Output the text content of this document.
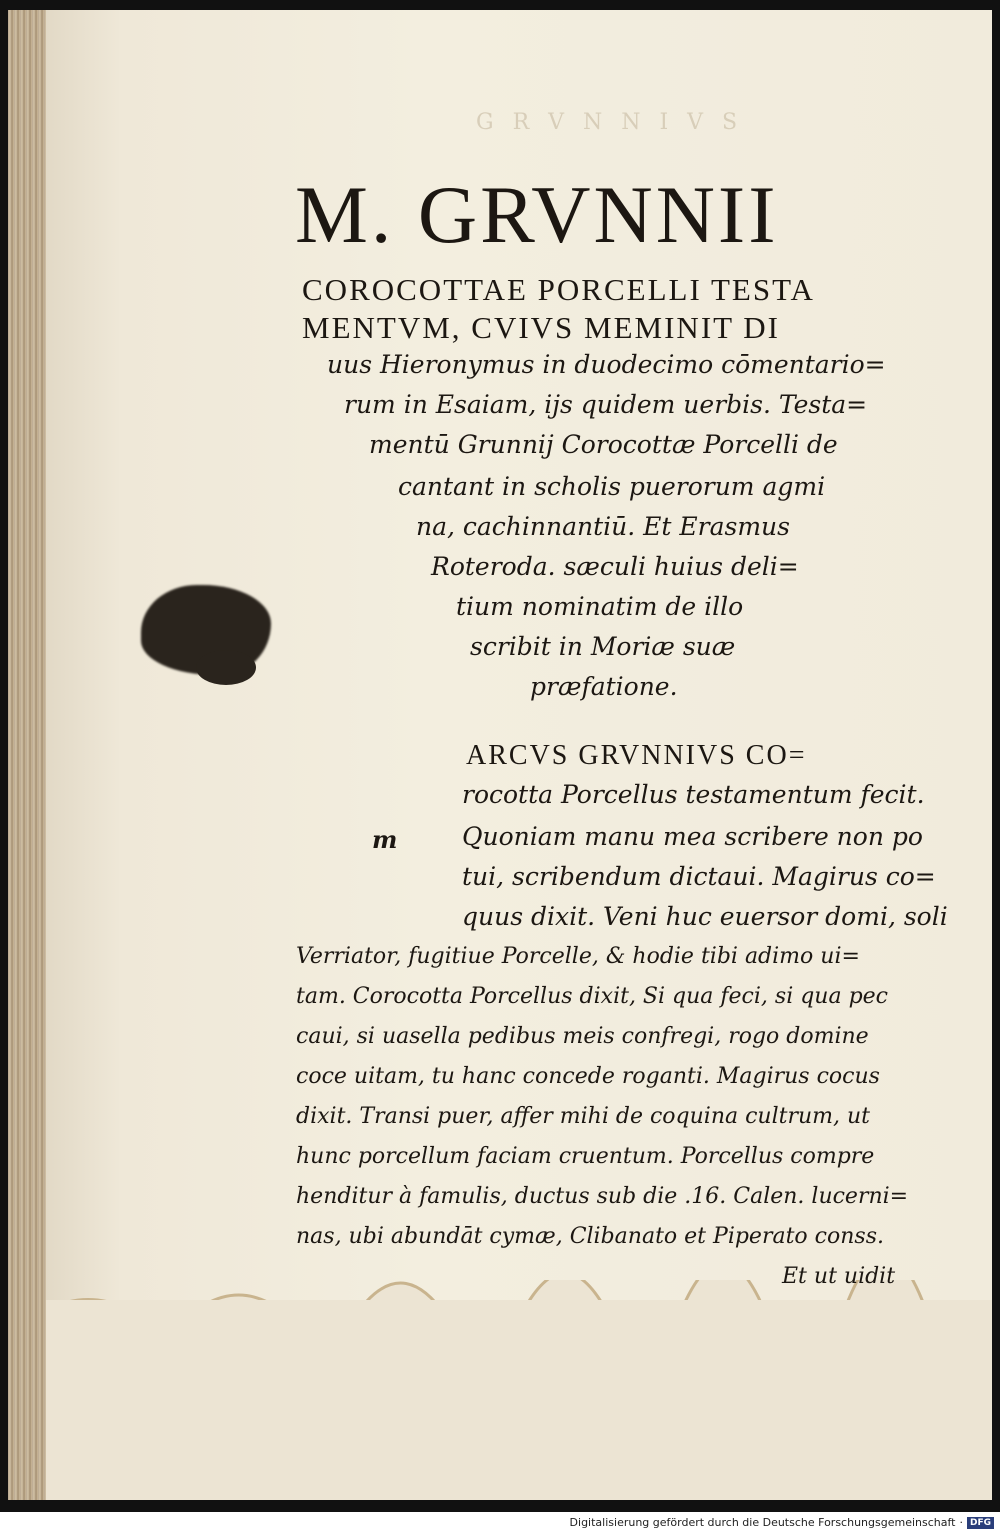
G R V N N I V S
M. GRVNNII
COROCOTTAE PORCELLI TESTA
MENTVM, CVIVS MEMINIT DI
uus Hieronymus in duodecimo cōmentario=
rum in Esaiam, ijs quidem uerbis. Testa=
mentū Grunnij Corocottæ Porcelli de
cantant in scholis puerorum agmi
na, cachinnantiū. Et Erasmus
Roteroda. sæculi huius deli=
tium nominatim de illo
scribit in Moriæ suæ
præfatione.
m
ARCVS GRVNNIVS CO=
rocotta Porcellus testamentum fecit.
Quoniam manu mea scribere non po
tui, scribendum dictaui. Magirus co=
quus dixit. Veni huc euersor domi, soli
Verriator, fugitiue Porcelle, & hodie tibi adimo ui=
tam. Corocotta Porcellus dixit, Si qua feci, si qua pec
caui, si uasella pedibus meis confregi, rogo domine
coce uitam, tu hanc concede roganti. Magirus cocus
dixit. Transi puer, affer mihi de coquina cultrum, ut
hunc porcellum faciam cruentum. Porcellus compre
henditur à famulis, ductus sub die .16. Calen. lucerni=
nas, ubi abundāt cymæ, Clibanato et Piperato conss.
Et ut uidit
Digitalisierung gefördert durch die Deutsche Forschungsgemeinschaft · DFG
